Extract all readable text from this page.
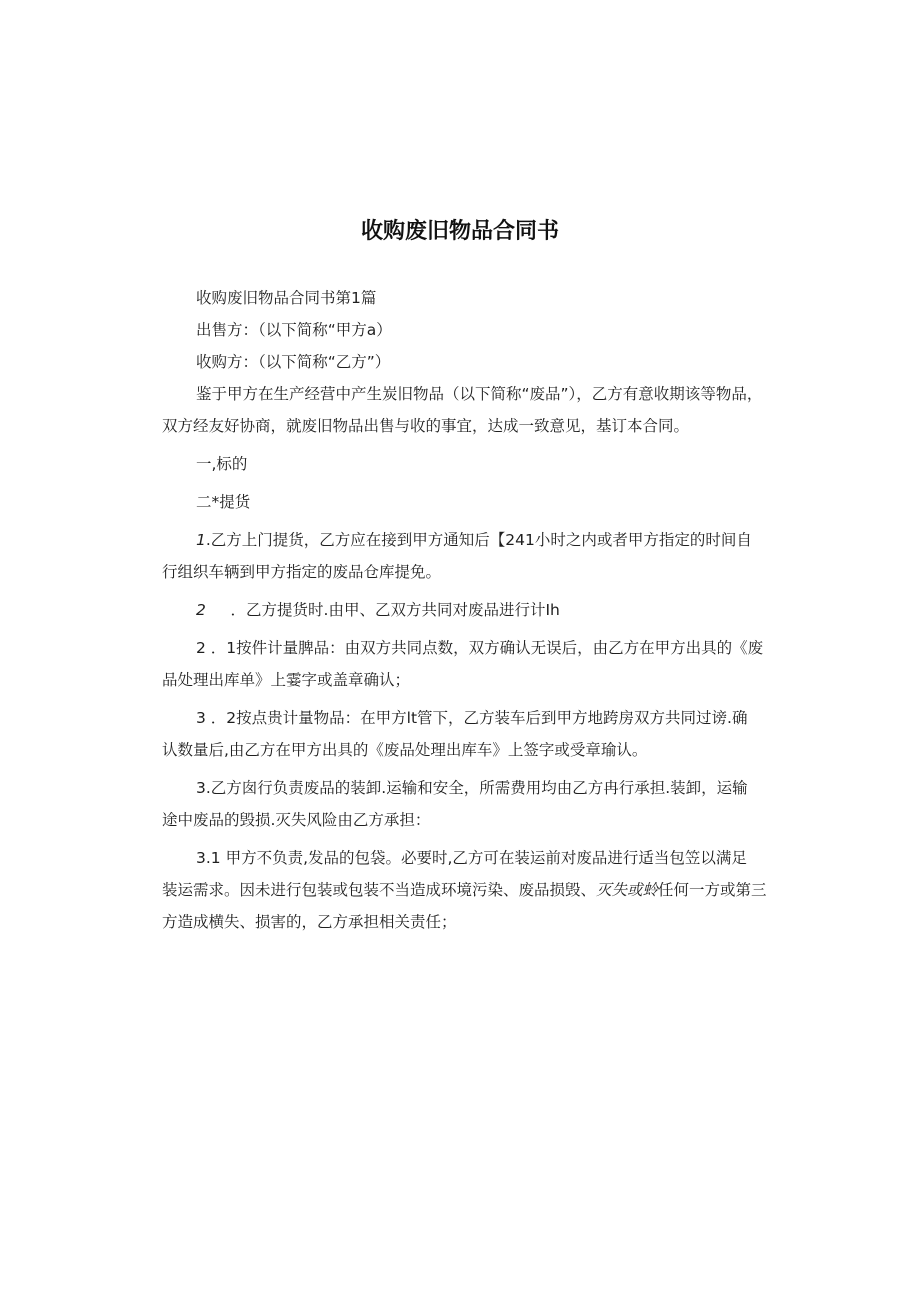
收购废旧物品合同书

收购废旧物品合同书第1篇

出售方：（以下简称“甲方a）

收购方：（以下简称“乙方”）

鉴于甲方在生产经营中产生炭旧物品（以下简称“废品”），乙方有意收期该等物品，

双方经友好协商，就废旧物品出售与收的事宜，达成一致意见，基订本合同。

一,标的

二*提货

1.乙方上门提货，乙方应在接到甲方通知后【241小时之内或者甲方指定的时间自

行组织车辆到甲方指定的废品仓库提免。

2 ．乙方提货时.由甲、乙双方共同对废品进行计Ih

2 ．1按件计量脾品：由双方共同点数，双方确认无误后，由乙方在甲方出具的《废

品处理出库单》上霎字或盖章确认；

3 ．2按点贵计量物品：在甲方lt管下，乙方装车后到甲方地跨房双方共同过谤.确

认数量后,由乙方在甲方出具的《废品处理出库车》上签字或受章瑜认。

3.乙方囱行负责废品的装卸.运输和安全，所需费用均由乙方冉行承担.装卸，运输

途中废品的毁损.灭失风险由乙方承担：

3.1 甲方不负责,发品的包袋。必要时,乙方可在装运前对废品进行适当包笠以满足

装运需求。因未进行包装或包装不当造成环境污染、废品损毁、灭失或蛉任何一方或第三

方造成横失、损害的，乙方承担相关责任；
